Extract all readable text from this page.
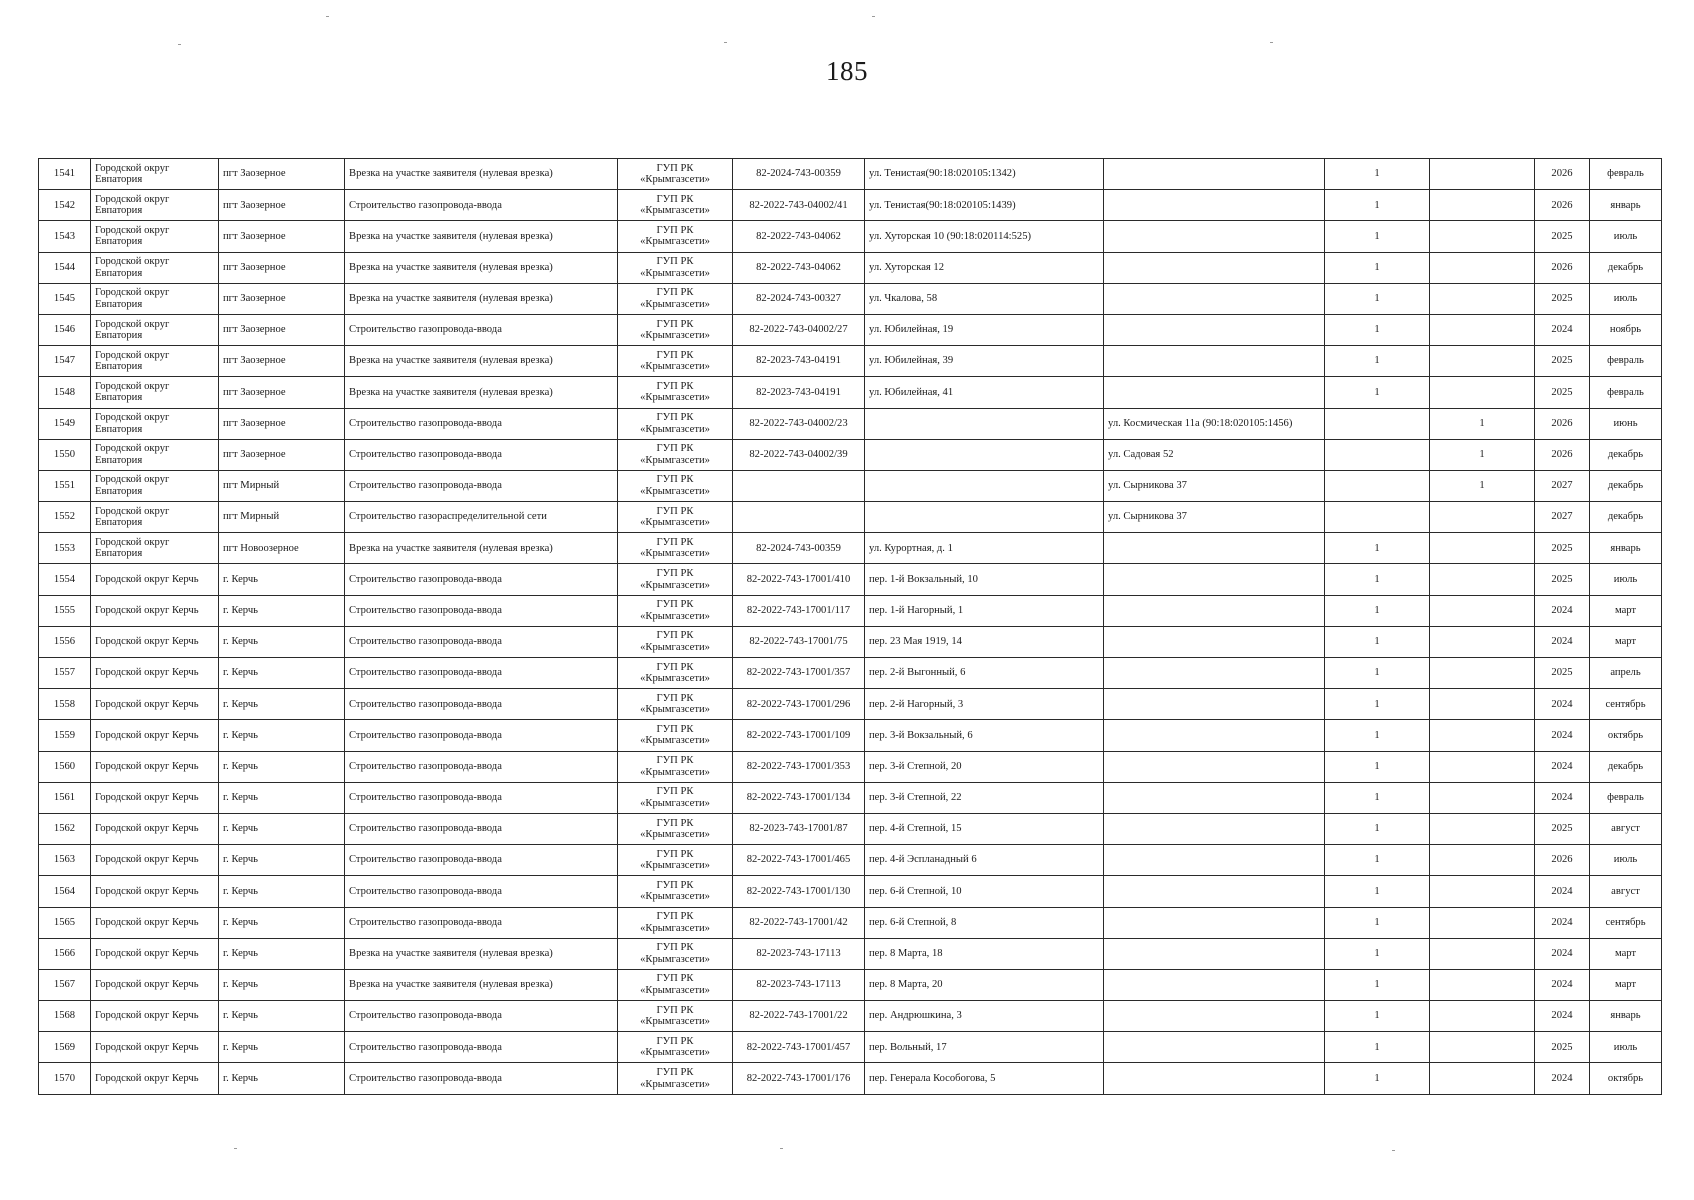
185
1541	Городской округ Евпатория	пгт Заозерное	Врезка на участке заявителя (нулевая врезка)	ГУП РК «Крымгазсети»	82-2024-743-00359	ул. Тенистая(90:18:020105:1342)		1		2026	февраль
1542	Городской округ Евпатория	пгт Заозерное	Строительство газопровода-ввода	ГУП РК «Крымгазсети»	82-2022-743-04002/41	ул. Тенистая(90:18:020105:1439)		1		2026	январь
1543	Городской округ Евпатория	пгт Заозерное	Врезка на участке заявителя (нулевая врезка)	ГУП РК «Крымгазсети»	82-2022-743-04062	ул. Хуторская 10 (90:18:020114:525)		1		2025	июль
1544	Городской округ Евпатория	пгт Заозерное	Врезка на участке заявителя (нулевая врезка)	ГУП РК «Крымгазсети»	82-2022-743-04062	ул. Хуторская 12		1		2026	декабрь
1545	Городской округ Евпатория	пгт Заозерное	Врезка на участке заявителя (нулевая врезка)	ГУП РК «Крымгазсети»	82-2024-743-00327	ул. Чкалова, 58		1		2025	июль
1546	Городской округ Евпатория	пгт Заозерное	Строительство газопровода-ввода	ГУП РК «Крымгазсети»	82-2022-743-04002/27	ул. Юбилейная, 19		1		2024	ноябрь
1547	Городской округ Евпатория	пгт Заозерное	Врезка на участке заявителя (нулевая врезка)	ГУП РК «Крымгазсети»	82-2023-743-04191	ул. Юбилейная, 39		1		2025	февраль
1548	Городской округ Евпатория	пгт Заозерное	Врезка на участке заявителя (нулевая врезка)	ГУП РК «Крымгазсети»	82-2023-743-04191	ул. Юбилейная, 41		1		2025	февраль
1549	Городской округ Евпатория	пгт Заозерное	Строительство газопровода-ввода	ГУП РК «Крымгазсети»	82-2022-743-04002/23		ул. Космическая 11а (90:18:020105:1456)		1	2026	июнь
1550	Городской округ Евпатория	пгт Заозерное	Строительство газопровода-ввода	ГУП РК «Крымгазсети»	82-2022-743-04002/39		ул. Садовая 52		1	2026	декабрь
1551	Городской округ Евпатория	пгт Мирный	Строительство газопровода-ввода	ГУП РК «Крымгазсети»			ул. Сырникова 37		1	2027	декабрь
1552	Городской округ Евпатория	пгт Мирный	Строительство газораспределительной сети	ГУП РК «Крымгазсети»			ул. Сырникова 37			2027	декабрь
1553	Городской округ Евпатория	пгт Новоозерное	Врезка на участке заявителя (нулевая врезка)	ГУП РК «Крымгазсети»	82-2024-743-00359	ул. Курортная, д. 1		1		2025	январь
1554	Городской округ Керчь	г. Керчь	Строительство газопровода-ввода	ГУП РК «Крымгазсети»	82-2022-743-17001/410	пер. 1-й Вокзальный, 10		1		2025	июль
1555	Городской округ Керчь	г. Керчь	Строительство газопровода-ввода	ГУП РК «Крымгазсети»	82-2022-743-17001/117	пер. 1-й Нагорный, 1		1		2024	март
1556	Городской округ Керчь	г. Керчь	Строительство газопровода-ввода	ГУП РК «Крымгазсети»	82-2022-743-17001/75	пер. 23 Мая 1919, 14		1		2024	март
1557	Городской округ Керчь	г. Керчь	Строительство газопровода-ввода	ГУП РК «Крымгазсети»	82-2022-743-17001/357	пер. 2-й Выгонный, 6		1		2025	апрель
1558	Городской округ Керчь	г. Керчь	Строительство газопровода-ввода	ГУП РК «Крымгазсети»	82-2022-743-17001/296	пер. 2-й Нагорный, 3		1		2024	сентябрь
1559	Городской округ Керчь	г. Керчь	Строительство газопровода-ввода	ГУП РК «Крымгазсети»	82-2022-743-17001/109	пер. 3-й Вокзальный, 6		1		2024	октябрь
1560	Городской округ Керчь	г. Керчь	Строительство газопровода-ввода	ГУП РК «Крымгазсети»	82-2022-743-17001/353	пер. 3-й Степной, 20		1		2024	декабрь
1561	Городской округ Керчь	г. Керчь	Строительство газопровода-ввода	ГУП РК «Крымгазсети»	82-2022-743-17001/134	пер. 3-й Степной, 22		1		2024	февраль
1562	Городской округ Керчь	г. Керчь	Строительство газопровода-ввода	ГУП РК «Крымгазсети»	82-2023-743-17001/87	пер. 4-й Степной, 15		1		2025	август
1563	Городской округ Керчь	г. Керчь	Строительство газопровода-ввода	ГУП РК «Крымгазсети»	82-2022-743-17001/465	пер. 4-й Эспланадный 6		1		2026	июль
1564	Городской округ Керчь	г. Керчь	Строительство газопровода-ввода	ГУП РК «Крымгазсети»	82-2022-743-17001/130	пер. 6-й Степной, 10		1		2024	август
1565	Городской округ Керчь	г. Керчь	Строительство газопровода-ввода	ГУП РК «Крымгазсети»	82-2022-743-17001/42	пер. 6-й Степной, 8		1		2024	сентябрь
1566	Городской округ Керчь	г. Керчь	Врезка на участке заявителя (нулевая врезка)	ГУП РК «Крымгазсети»	82-2023-743-17113	пер. 8 Марта, 18		1		2024	март
1567	Городской округ Керчь	г. Керчь	Врезка на участке заявителя (нулевая врезка)	ГУП РК «Крымгазсети»	82-2023-743-17113	пер. 8 Марта, 20		1		2024	март
1568	Городской округ Керчь	г. Керчь	Строительство газопровода-ввода	ГУП РК «Крымгазсети»	82-2022-743-17001/22	пер. Андрюшкина, 3		1		2024	январь
1569	Городской округ Керчь	г. Керчь	Строительство газопровода-ввода	ГУП РК «Крымгазсети»	82-2022-743-17001/457	пер. Вольный, 17		1		2025	июль
1570	Городской округ Керчь	г. Керчь	Строительство газопровода-ввода	ГУП РК «Крымгазсети»	82-2022-743-17001/176	пер. Генерала Кособогова, 5		1		2024	октябрь
